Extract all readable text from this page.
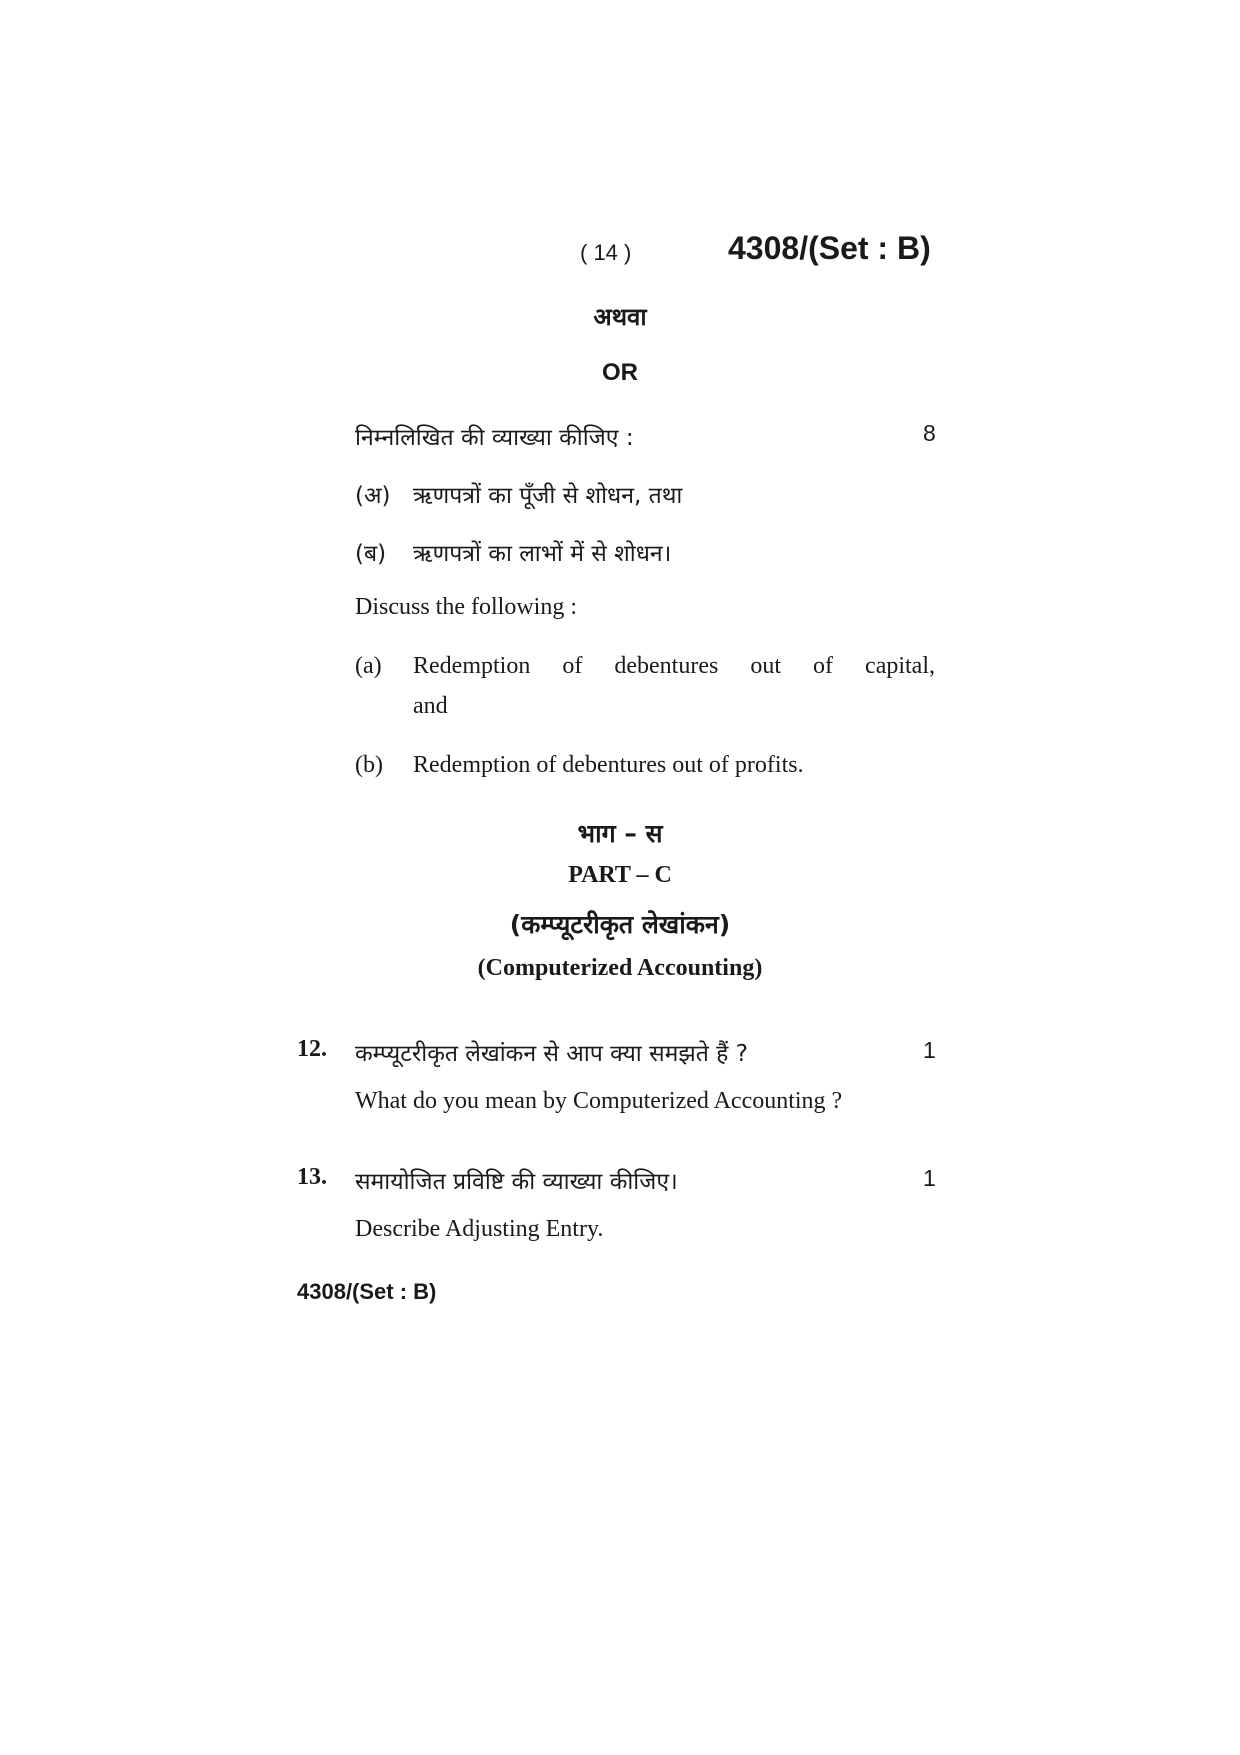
( 14 )	4308/(Set : B)
अथवा
OR
निम्नलिखित की व्याख्या कीजिए :	8
(अ) ऋणपत्रों का पूँजी से शोधन, तथा
(ब) ऋणपत्रों का लाभों में से शोधन।
Discuss the following :
(a) Redemption of debentures out of capital,
and
(b) Redemption of debentures out of profits.
भाग – स
PART – C
(कम्प्यूटरीकृत लेखांकन)
(Computerized Accounting)
12. कम्प्यूटरीकृत लेखांकन से आप क्या समझते हैं ?	1
What do you mean by Computerized Accounting ?
13. समायोजित प्रविष्टि की व्याख्या कीजिए।	1
Describe Adjusting Entry.
4308/(Set : B)
